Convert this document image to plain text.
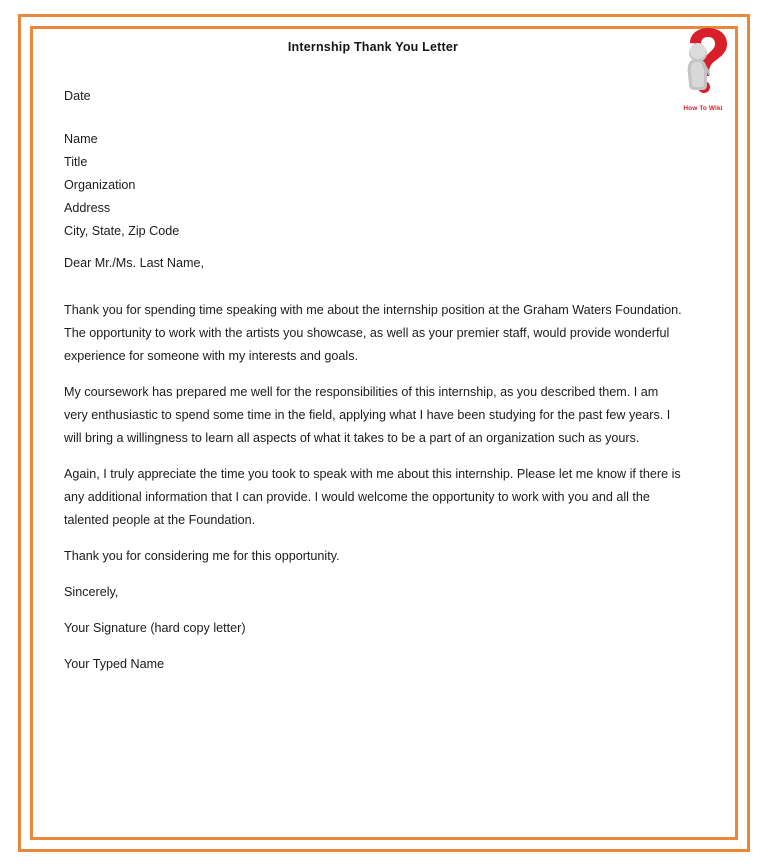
How To Wiki
Internship Thank You Letter
Date
Name
Title
Organization
Address
City, State, Zip Code
Dear Mr./Ms. Last Name,

Thank you for spending time speaking with me about the internship position at the Graham Waters Foundation. The opportunity to work with the artists you showcase, as well as your premier staff, would provide wonderful experience for someone with my interests and goals.

My coursework has prepared me well for the responsibilities of this internship, as you described them. I am very enthusiastic to spend some time in the field, applying what I have been studying for the past few years. I will bring a willingness to learn all aspects of what it takes to be a part of an organization such as yours.

Again, I truly appreciate the time you took to speak with me about this internship. Please let me know if there is any additional information that I can provide. I would welcome the opportunity to work with you and all the talented people at the Foundation.

Thank you for considering me for this opportunity.

Sincerely,
Your Signature (hard copy letter)
Your Typed Name
